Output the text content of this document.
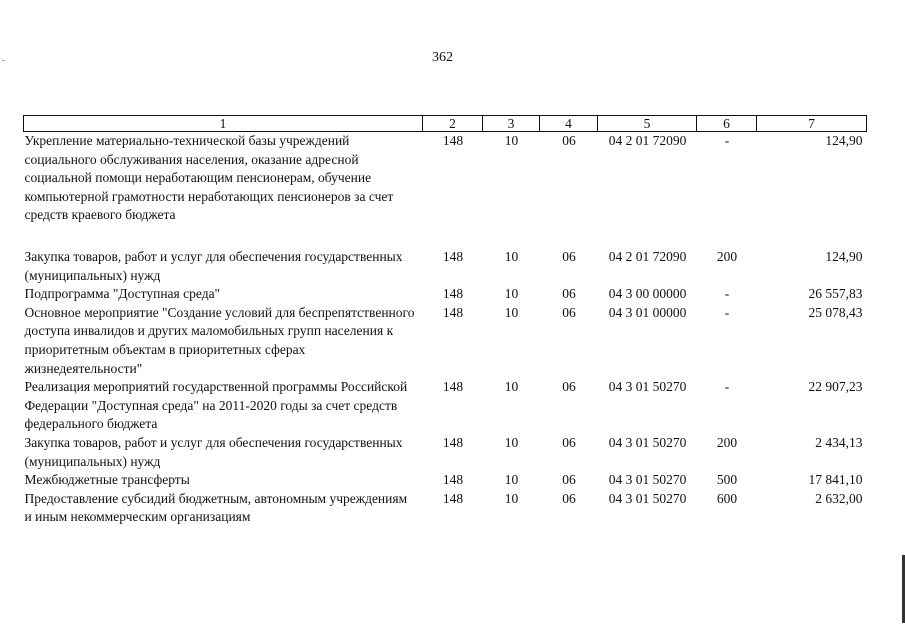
362
1	2	3	4	5	6	7
Укрепление материально-технической базы учреждений социального обслуживания населения, оказание адресной социальной помощи неработающим пенсионерам, обучение компьютерной грамотности неработающих пенсионеров за счет средств краевого бюджета	148	10	06	04 2 01 72090	-	124,90
Закупка товаров, работ и услуг для обеспечения государственных (муниципальных) нужд	148	10	06	04 2 01 72090	200	124,90
Подпрограмма "Доступная среда"	148	10	06	04 3 00 00000	-	26 557,83
Основное мероприятие "Создание условий для беспрепятственного доступа инвалидов и других маломобильных групп населения к приоритетным объектам в приоритетных сферах жизнедеятельности"	148	10	06	04 3 01 00000	-	25 078,43
Реализация мероприятий государственной программы Российской Федерации "Доступная среда" на 2011-2020 годы за счет средств федерального бюджета	148	10	06	04 3 01 50270	-	22 907,23
Закупка товаров, работ и услуг для обеспечения государственных (муниципальных) нужд	148	10	06	04 3 01 50270	200	2 434,13
Межбюджетные трансферты	148	10	06	04 3 01 50270	500	17 841,10
Предоставление субсидий бюджетным, автономным учреждениям и иным некоммерческим организациям	148	10	06	04 3 01 50270	600	2 632,00
